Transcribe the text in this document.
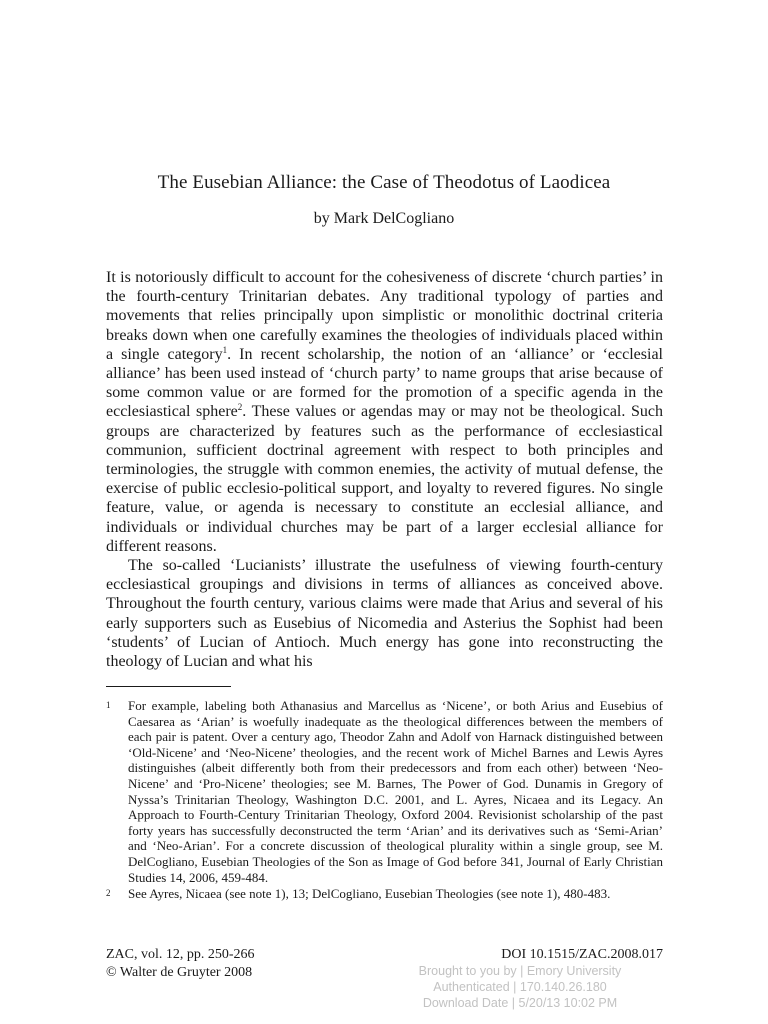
The Eusebian Alliance: the Case of Theodotus of Laodicea
by Mark DelCogliano

It is notoriously difficult to account for the cohesiveness of discrete ‘church parties’ in the fourth-century Trinitarian debates. Any traditional typology of parties and movements that relies principally upon simplistic or monolithic doctrinal criteria breaks down when one carefully examines the theologies of individuals placed within a single category$^1$. In recent scholarship, the notion of an ‘alliance’ or ‘ecclesial alliance’ has been used instead of ‘church party’ to name groups that arise because of some common value or are formed for the promotion of a specific agenda in the ecclesiastical sphere$^2$. These values or agendas may or may not be theological. Such groups are characterized by features such as the performance of ecclesiastical communion, sufficient doctrinal agreement with respect to both principles and terminologies, the struggle with common enemies, the activity of mutual defense, the exercise of public ecclesio-political support, and loyalty to revered figures. No single feature, value, or agenda is necessary to constitute an ecclesial alliance, and individuals or individual churches may be part of a larger ecclesial alliance for different reasons.

The so-called ‘Lucianists’ illustrate the usefulness of viewing fourth-century ecclesiastical groupings and divisions in terms of alliances as conceived above. Throughout the fourth century, various claims were made that Arius and several of his early supporters such as Eusebius of Nicomedia and Asterius the Sophist had been ‘students’ of Lucian of Antioch. Much energy has gone into reconstructing the theology of Lucian and what his

1	For example, labeling both Athanasius and Marcellus as ‘Nicene’, or both Arius and Eusebius of Caesarea as ‘Arian’ is woefully inadequate as the theological differences between the members of each pair is patent. Over a century ago, Theodor Zahn and Adolf von Harnack distinguished between ‘Old-Nicene’ and ‘Neo-Nicene’ theologies, and the recent work of Michel Barnes and Lewis Ayres distinguishes (albeit differently both from their predecessors and from each other) between ‘Neo-Nicene’ and ‘Pro-Nicene’ theologies; see M. Barnes, The Power of God. Dunamis in Gregory of Nyssa’s Trinitarian Theology, Washington D.C. 2001, and L. Ayres, Nicaea and its Legacy. An Approach to Fourth-Century Trinitarian Theology, Oxford 2004. Revisionist scholarship of the past forty years has successfully deconstructed the term ‘Arian’ and its derivatives such as ‘Semi-Arian’ and ‘Neo-Arian’. For a concrete discussion of theological plurality within a single group, see M. DelCogliano, Eusebian Theologies of the Son as Image of God before 341, Journal of Early Christian Studies 14, 2006, 459-484.
2	See Ayres, Nicaea (see note 1), 13; DelCogliano, Eusebian Theologies (see note 1), 480-483.
ZAC, vol. 12, pp. 250-266
© Walter de Gruyter 2008
DOI 10.1515/ZAC.2008.017
Brought to you by | Emory University
Authenticated | 170.140.26.180
Download Date | 5/20/13 10:02 PM
